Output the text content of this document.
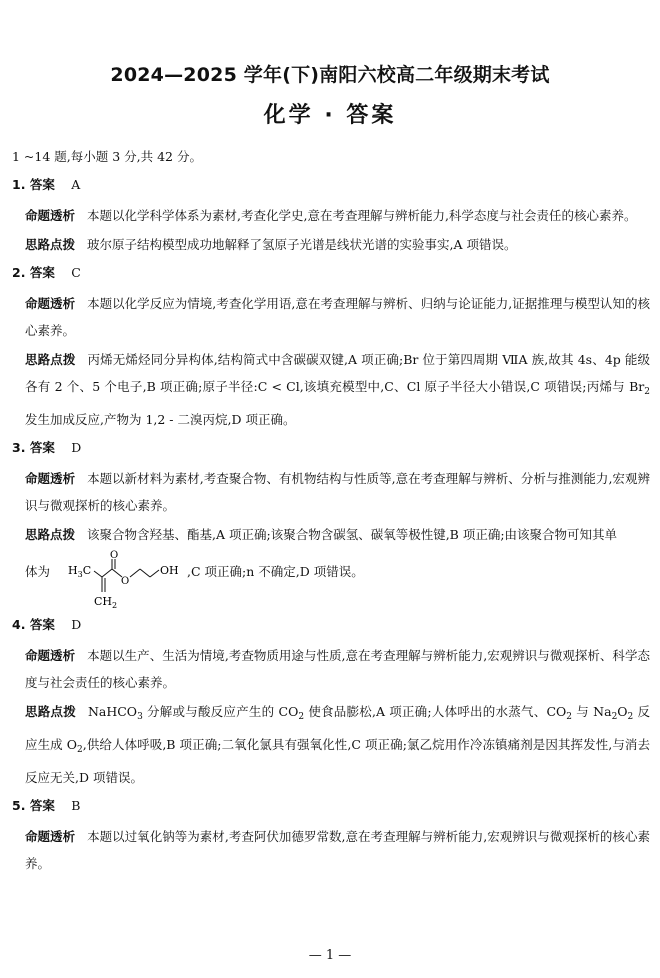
2024—2025 学年(下)南阳六校高二年级期末考试
化学 · 答案
1 ~14 题,每小题 3 分,共 42 分。
1. 答案 A
命题透析 本题以化学科学体系为素材,考查化学史,意在考查理解与辨析能力,科学态度与社会责任的核心素养。
思路点拨 玻尔原子结构模型成功地解释了氢原子光谱是线状光谱的实验事实,A 项错误。
2. 答案 C
命题透析 本题以化学反应为情境,考查化学用语,意在考查理解与辨析、归纳与论证能力,证据推理与模型认知的核心素养。
思路点拨 丙烯无烯烃同分异构体,结构简式中含碳碳双键,A 项正确;Br 位于第四周期 ⅦA 族,故其 4s、4p 能级各有 2 个、5 个电子,B 项正确;原子半径:C < Cl,该填充模型中,C、Cl 原子半径大小错误,C 项错误;丙烯与 $Br_2$ 发生加成反应,产物为 1,2 - 二溴丙烷,D 项正确。
3. 答案 D
命题透析 本题以新材料为素材,考查聚合物、有机物结构与性质等,意在考查理解与辨析、分析与推测能力,宏观辨识与微观探析的核心素养。
思路点拨 该聚合物含羟基、酯基,A 项正确;该聚合物含碳氢、碳氧等极性键,B 项正确;由该聚合物可知其单
体为 $H_3C$
O
O
OH
$CH_2$
,C 项正确;n 不确定,D 项错误。
4. 答案 D
命题透析 本题以生产、生活为情境,考查物质用途与性质,意在考查理解与辨析能力,宏观辨识与微观探析、科学态度与社会责任的核心素养。
思路点拨 NaHCO$_3$ 分解或与酸反应产生的 $CO_2$ 使食品膨松,A 项正确;人体呼出的水蒸气、$CO_2$ 与 $Na_2O_2$ 反应生成 $O_2$,供给人体呼吸,B 项正确;二氧化氯具有强氧化性,C 项正确;氯乙烷用作冷冻镇痛剂是因其挥发性,与消去反应无关,D 项错误。
5. 答案 B
命题透析 本题以过氧化钠等为素材,考查阿伏加德罗常数,意在考查理解与辨析能力,宏观辨识与微观探析的核心素养。
— 1 —
